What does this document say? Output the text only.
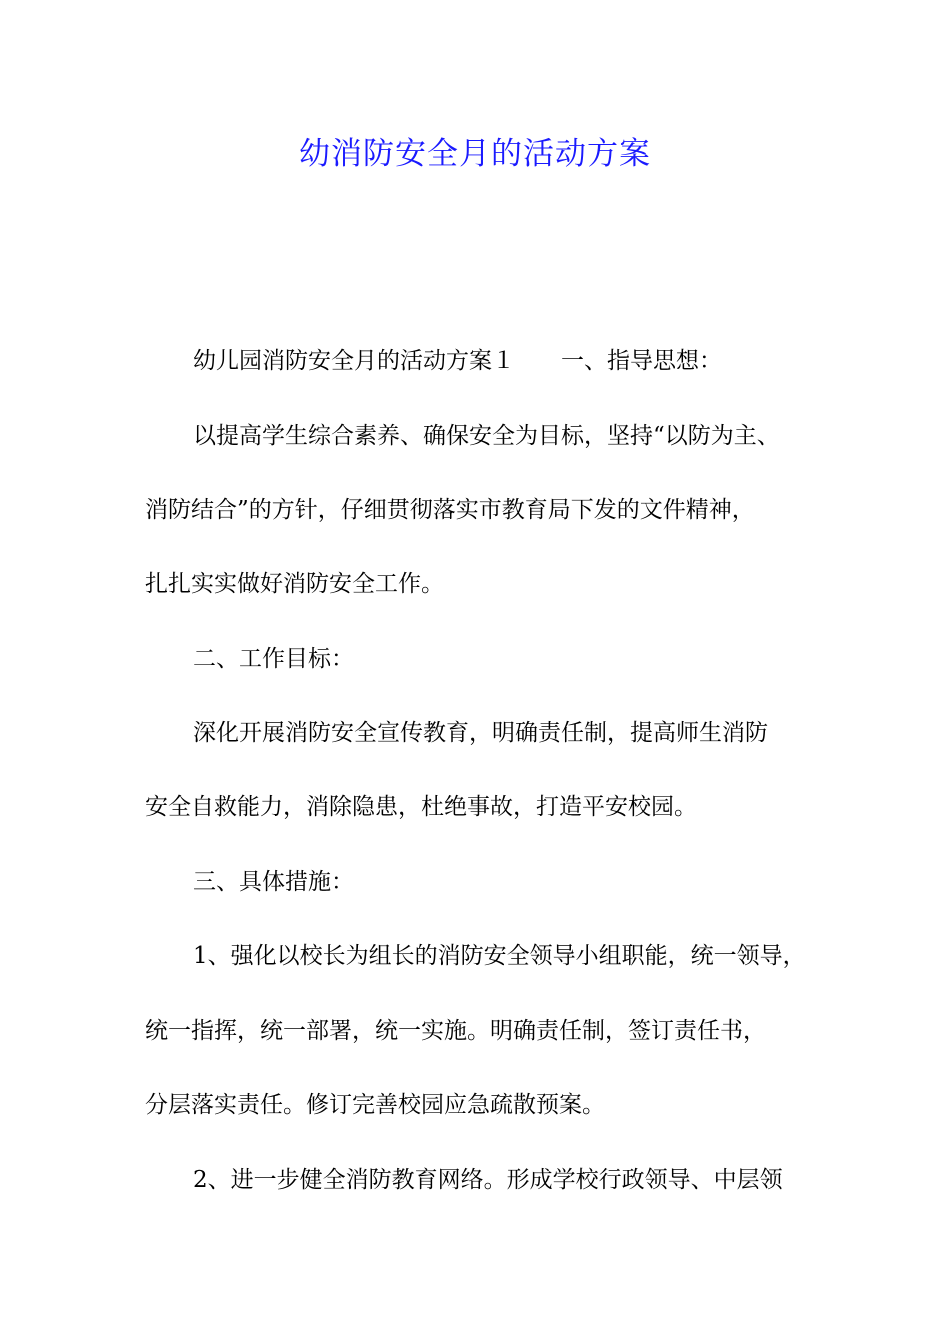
幼消防安全月的活动方案
幼儿园消防安全月的活动方案１ 一、指导思想：
以提高学生综合素养、确保安全为目标，坚持“以防为主、
消防结合”的方针，仔细贯彻落实市教育局下发的文件精神，
扎扎实实做好消防安全工作。
二、工作目标：
深化开展消防安全宣传教育，明确责任制，提高师生消防
安全自救能力，消除隐患，杜绝事故，打造平安校园。
三、具体措施：
1、强化以校长为组长的消防安全领导小组职能，统一领导，
统一指挥，统一部署，统一实施。明确责任制，签订责任书，
分层落实责任。修订完善校园应急疏散预案。
2、进一步健全消防教育网络。形成学校行政领导、中层领
